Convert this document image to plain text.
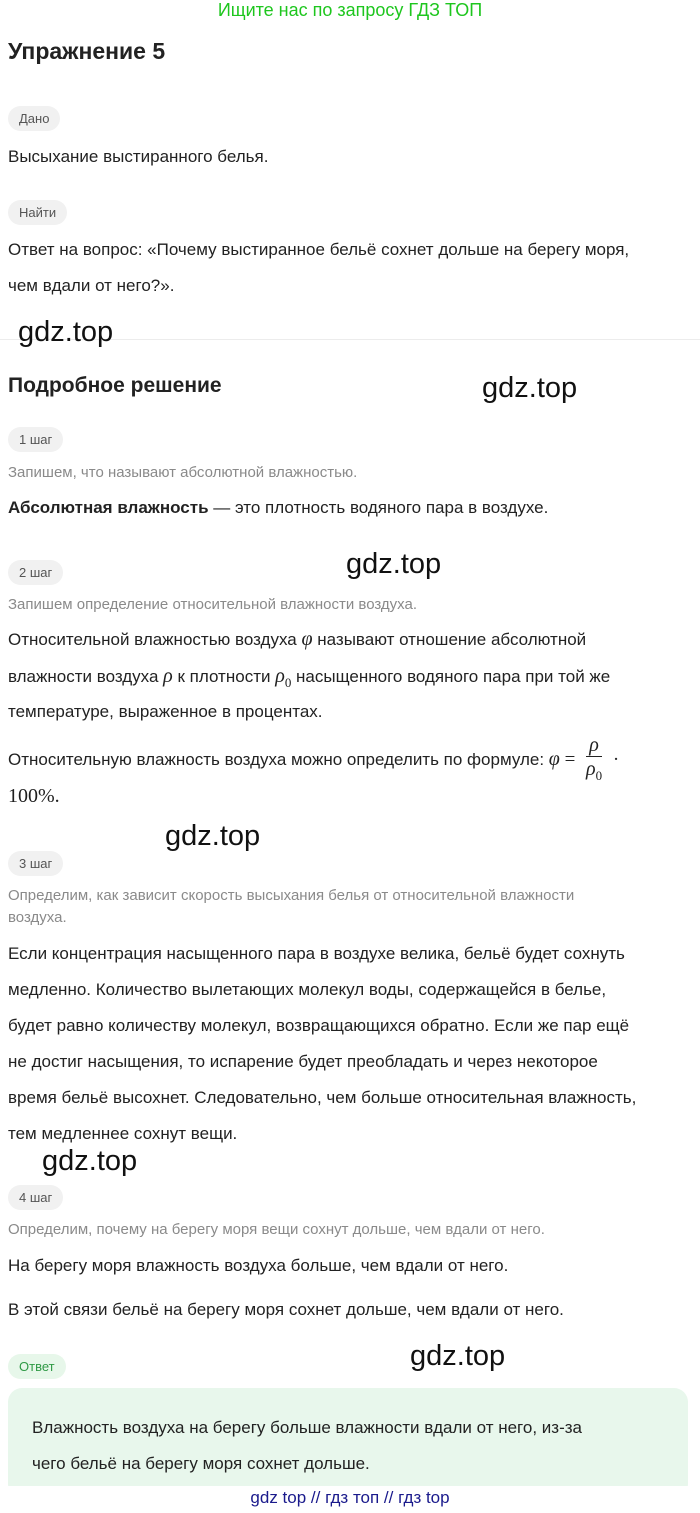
Ищите нас по запросу ГДЗ ТОП
Упражнение 5
Дано
Высыхание выстиранного белья.
Найти
Ответ на вопрос: «Почему выстиранное бельё сохнет дольше на берегу моря,
чем вдали от него?».
gdz.top
Подробное решение	gdz.top
1 шаг
Запишем, что называют абсолютной влажностью.
Абсолютная влажность — это плотность водяного пара в воздухе.
2 шаг	gdz.top
Запишем определение относительной влажности воздуха.
Относительной влажностью воздуха φ называют отношение абсолютной
влажности воздуха ρ к плотности $\rho_0$ насыщенного водяного пара при той же
температуре, выраженное в процентах.
Относительную влажность воздуха можно определить по формуле: $\varphi = \frac{\rho}{\rho_0}$ ·
100%.
gdz.top
3 шаг
Определим, как зависит скорость высыхания белья от относительной влажности
воздуха.
Если концентрация насыщенного пара в воздухе велика, бельё будет сохнуть
медленно. Количество вылетающих молекул воды, содержащейся в белье,
будет равно количеству молекул, возвращающихся обратно. Если же пар ещё
не достиг насыщения, то испарение будет преобладать и через некоторое
время бельё высохнет. Следовательно, чем больше относительная влажность,
тем медленнее сохнут вещи.
gdz.top
4 шаг
Определим, почему на берегу моря вещи сохнут дольше, чем вдали от него.
На берегу моря влажность воздуха больше, чем вдали от него.
В этой связи бельё на берегу моря сохнет дольше, чем вдали от него.
Ответ	gdz.top
Влажность воздуха на берегу больше влажности вдали от него, из-за
чего бельё на берегу моря сохнет дольше.
gdz top // гдз топ // гдз top
